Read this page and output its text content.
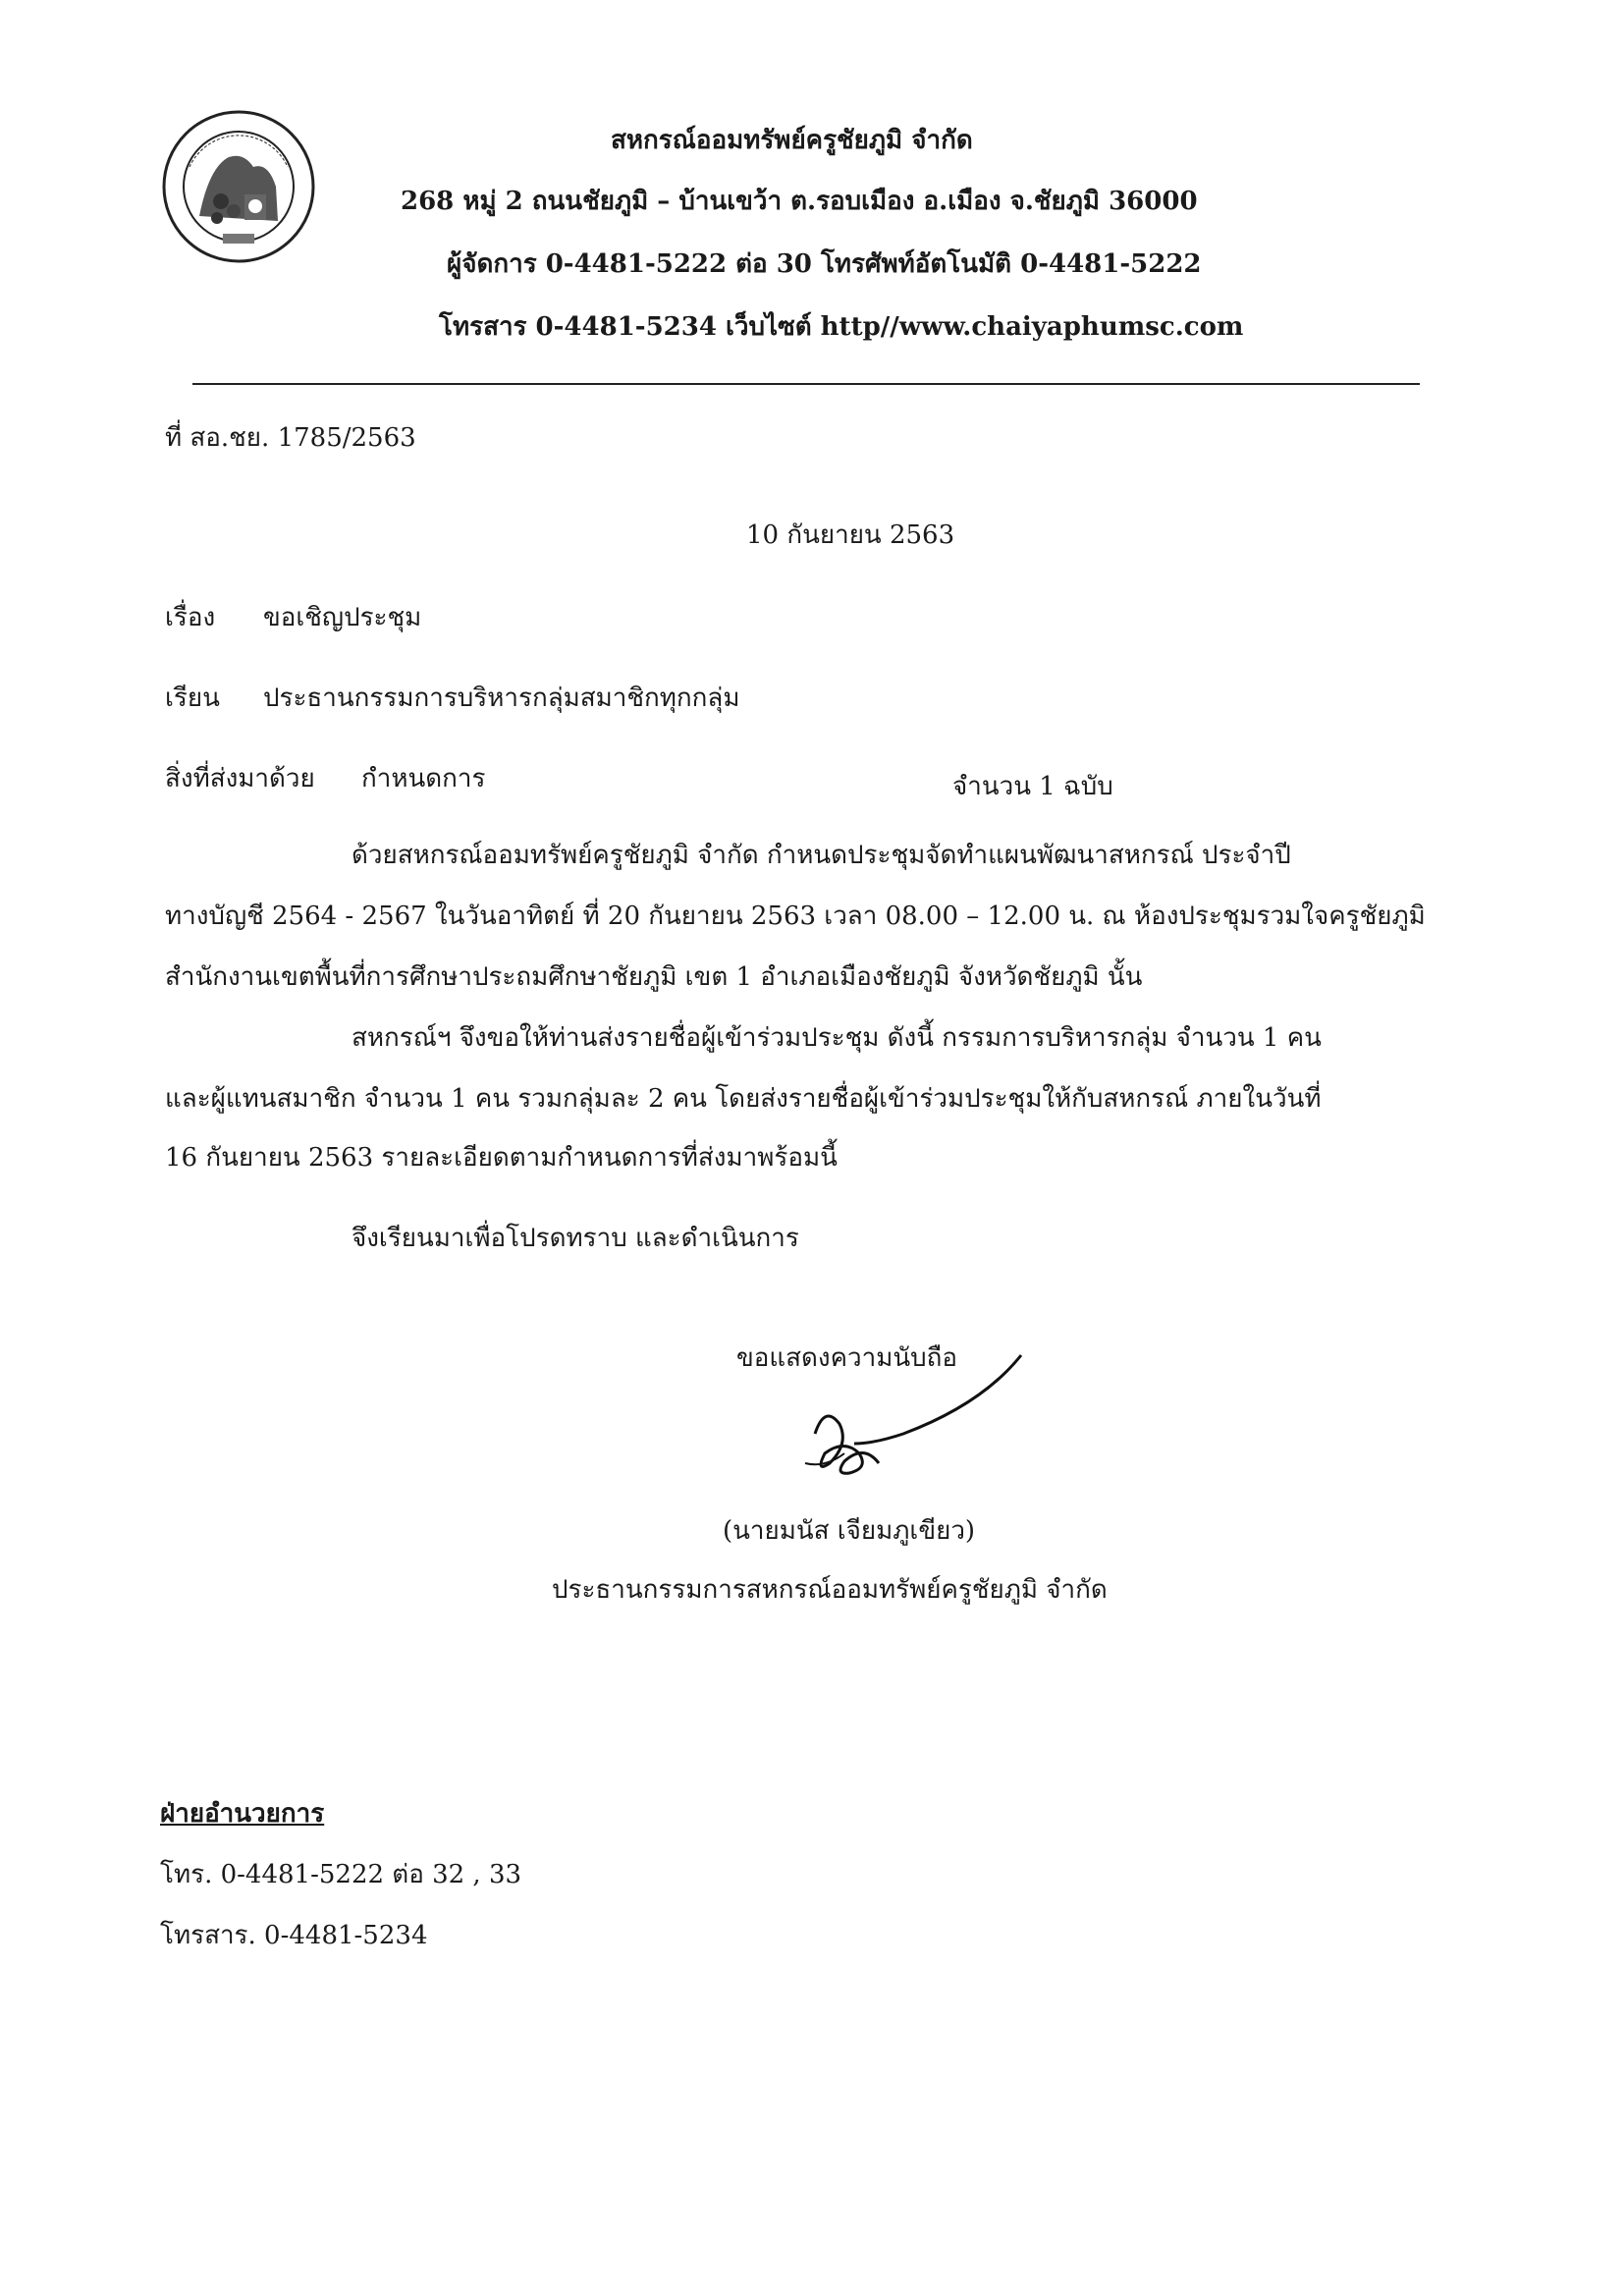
สหกรณ์ออมทรัพย์ครูชัยภูมิ จำกัด
268 หมู่ 2 ถนนชัยภูมิ – บ้านเขว้า ต.รอบเมือง อ.เมือง จ.ชัยภูมิ 36000
ผู้จัดการ 0-4481-5222 ต่อ 30 โทรศัพท์อัตโนมัติ 0-4481-5222
โทรสาร 0-4481-5234 เว็บไซต์ http//www.chaiyaphumsc.com
ที่ สอ.ชย. 1785/2563
10 กันยายน 2563
เรื่อง ขอเชิญประชุม
เรียน ประธานกรรมการบริหารกลุ่มสมาชิกทุกกลุ่ม
สิ่งที่ส่งมาด้วย กำหนดการ	จำนวน 1 ฉบับ
ด้วยสหกรณ์ออมทรัพย์ครูชัยภูมิ จำกัด กำหนดประชุมจัดทำแผนพัฒนาสหกรณ์ ประจำปี
ทางบัญชี 2564 - 2567 ในวันอาทิตย์ ที่ 20 กันยายน 2563 เวลา 08.00 – 12.00 น. ณ ห้องประชุมรวมใจครูชัยภูมิ
สำนักงานเขตพื้นที่การศึกษาประถมศึกษาชัยภูมิ เขต 1 อำเภอเมืองชัยภูมิ จังหวัดชัยภูมิ นั้น
สหกรณ์ฯ จึงขอให้ท่านส่งรายชื่อผู้เข้าร่วมประชุม ดังนี้ กรรมการบริหารกลุ่ม จำนวน 1 คน
และผู้แทนสมาชิก จำนวน 1 คน รวมกลุ่มละ 2 คน โดยส่งรายชื่อผู้เข้าร่วมประชุมให้กับสหกรณ์ ภายในวันที่
16 กันยายน 2563 รายละเอียดตามกำหนดการที่ส่งมาพร้อมนี้
จึงเรียนมาเพื่อโปรดทราบ และดำเนินการ
ขอแสดงความนับถือ
(นายมนัส เจียมภูเขียว)
ประธานกรรมการสหกรณ์ออมทรัพย์ครูชัยภูมิ จำกัด
ฝ่ายอำนวยการ
โทร. 0-4481-5222 ต่อ 32 , 33
โทรสาร. 0-4481-5234
